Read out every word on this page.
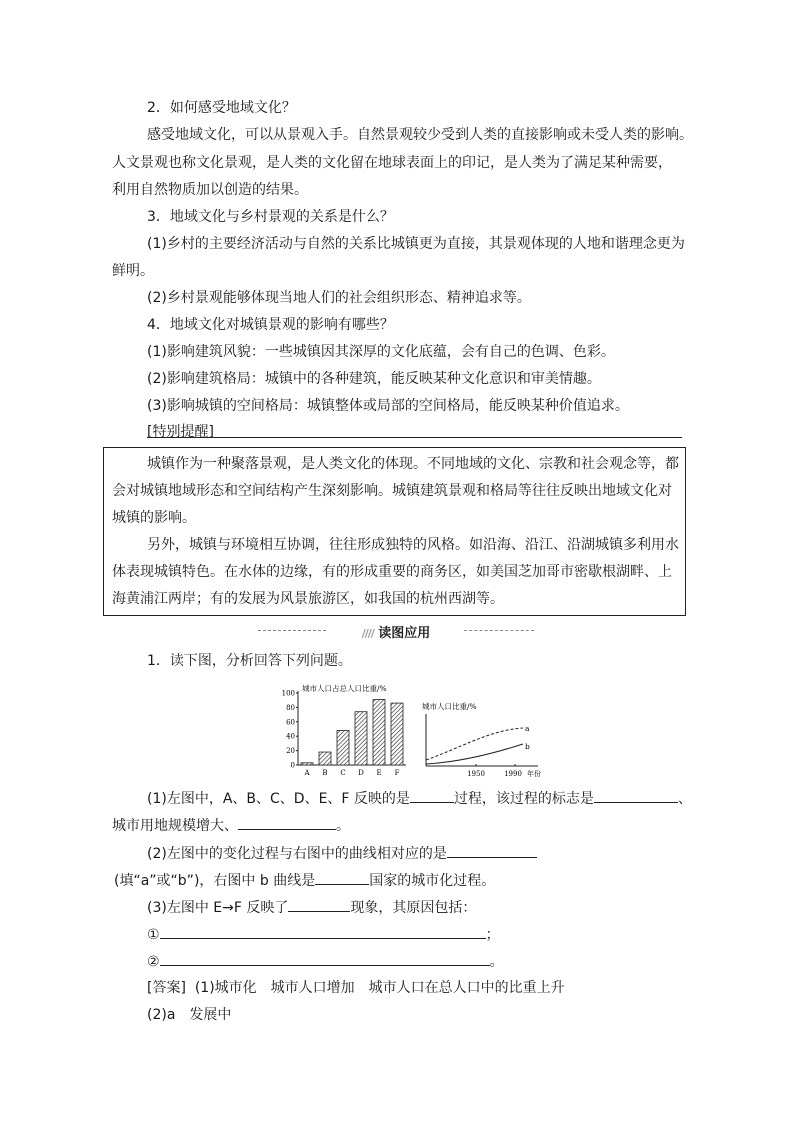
2．如何感受地域文化？
感受地域文化，可以从景观入手。自然景观较少受到人类的直接影响或未受人类的影响。
人文景观也称文化景观，是人类的文化留在地球表面上的印记，是人类为了满足某种需要，
利用自然物质加以创造的结果。
3．地域文化与乡村景观的关系是什么？
(1)乡村的主要经济活动与自然的关系比城镇更为直接，其景观体现的人地和谐理念更为
鲜明。
(2)乡村景观能够体现当地人们的社会组织形态、精神追求等。
4．地域文化对城镇景观的影响有哪些？
(1)影响建筑风貌：一些城镇因其深厚的文化底蕴，会有自己的色调、色彩。
(2)影响建筑格局：城镇中的各种建筑，能反映某种文化意识和审美情趣。
(3)影响城镇的空间格局：城镇整体或局部的空间格局，能反映某种价值追求。
[特别提醒]
城镇作为一种聚落景观，是人类文化的体现。不同地域的文化、宗教和社会观念等，都
会对城镇地域形态和空间结构产生深刻影响。城镇建筑景观和格局等往往反映出地域文化对
城镇的影响。
另外，城镇与环境相互协调，往往形成独特的风格。如沿海、沿江、沿湖城镇多利用水
体表现城镇特色。在水体的边缘，有的形成重要的商务区，如美国芝加哥市密歇根湖畔、上
海黄浦江两岸；有的发展为风景旅游区，如我国的杭州西湖等。
//// 读图应用
1．读下图，分析回答下列问题。
城市人口占总人口比重/%
0
20
40
60
80
100
A B C D E F
城市人口比重/%
a
b
1950	1990 年份
(1)左图中，A、B、C、D、E、F 反映的是	过程，该过程的标志是	、
城市用地规模增大、	。
(2)左图中的变化过程与右图中的曲线相对应的是
(填“a”或“b”)，右图中 b 曲线是	国家的城市化过程。
(3)左图中 E→F 反映了	现象，其原因包括：
①	；
②	。
[答案] (1)城市化　城市人口增加　城市人口在总人口中的比重上升
(2)a　发展中
